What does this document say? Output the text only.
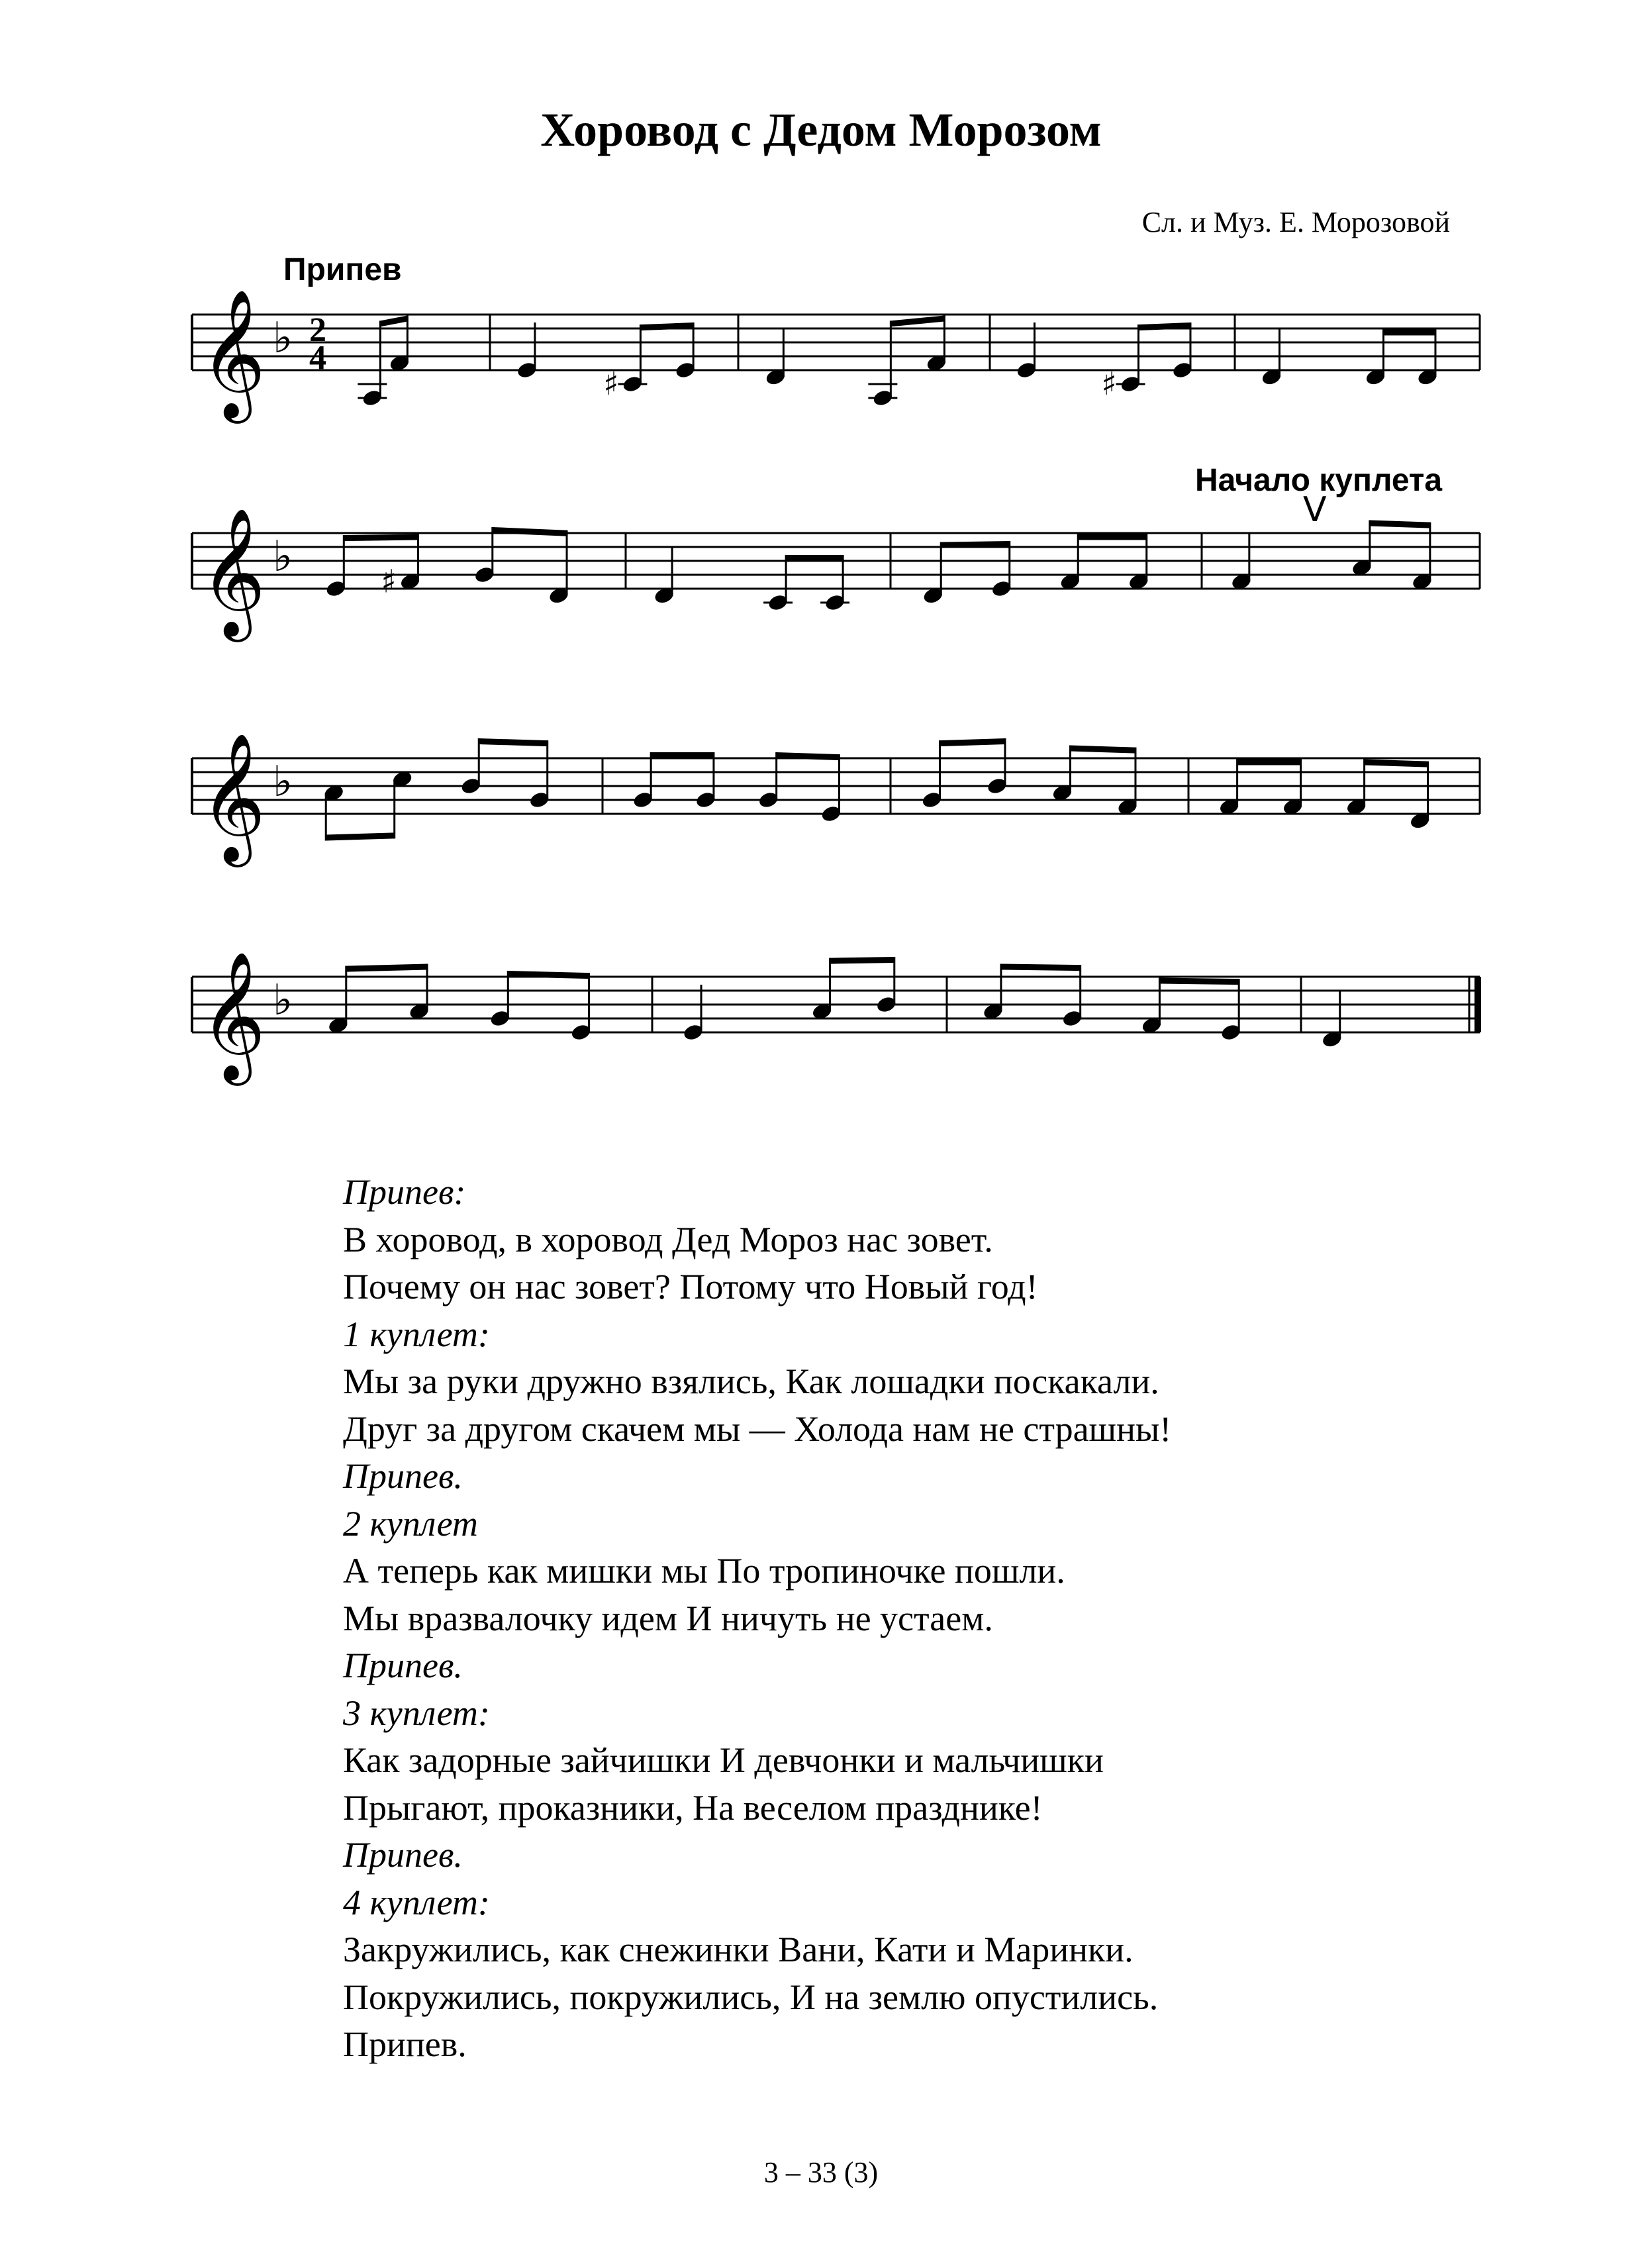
Хоровод с Дедом Морозом
Сл. и Муз. Е. Морозовой
Припев
Начало куплета
V
𝄞 ♭ 2
4
♯	♯
𝄞 ♭
♯
𝄞 ♭
𝄞 ♭
Припев:
В хоровод, в хоровод Дед Мороз нас зовет.
Почему он нас зовет? Потому что Новый год!
1 куплет:
Мы за руки дружно взялись, Как лошадки поскакали.
Друг за другом скачем мы — Холода нам не страшны!
Припев.
2 куплет
А теперь как мишки мы По тропиночке пошли.
Мы вразвалочку идем И ничуть не устаем.
Припев.
3 куплет:
Как задорные зайчишки И девчонки и мальчишки
Прыгают, проказники, На веселом празднике!
Припев.
4 куплет:
Закружились, как снежинки Вани, Кати и Маринки.
Покружились, покружились, И на землю опустились.
Припев.
3 – 33 (3)
